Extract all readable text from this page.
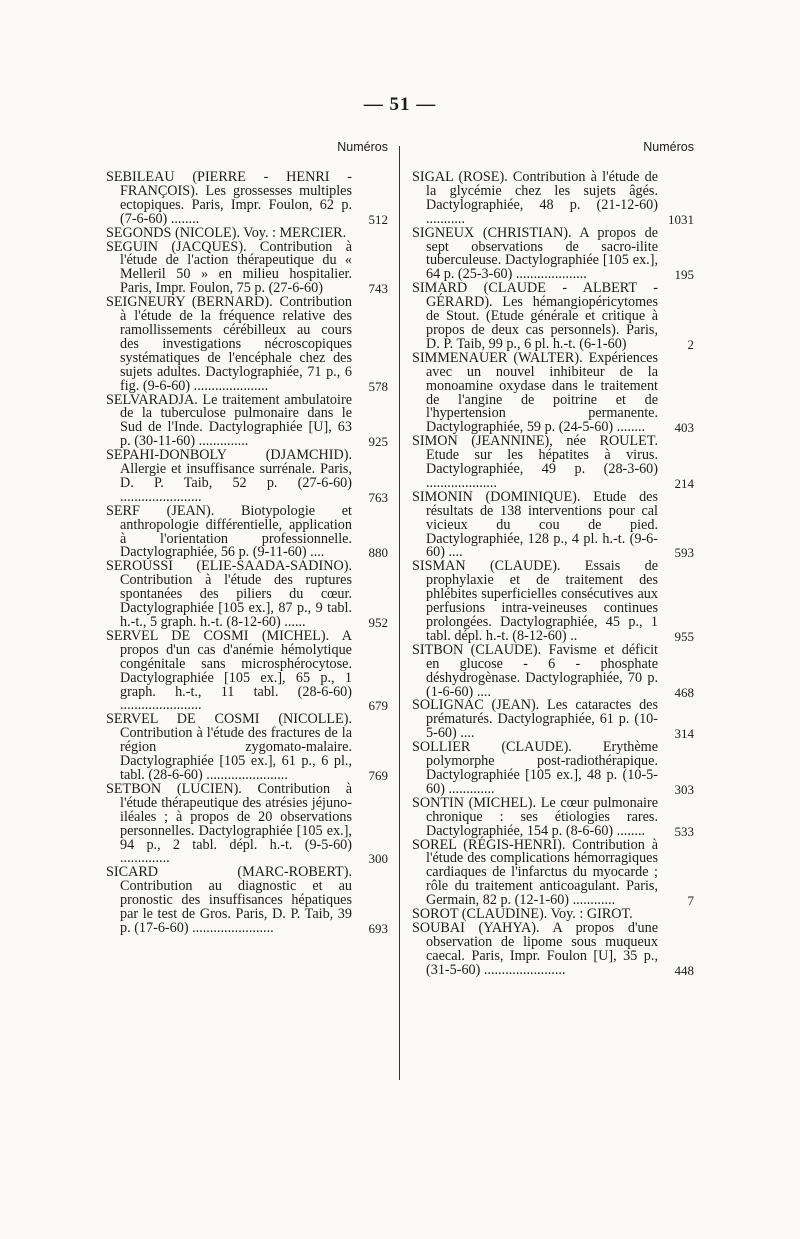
— 51 —
Numéros

SEBILEAU (PIERRE - HENRI - FRANÇOIS). Les grossesses multiples ectopiques. Paris, Impr. Foulon, 62 p. (7-6-60) ........	512

SEGONDS (NICOLE). Voy. : MERCIER.

SEGUIN (JACQUES). Contribution à l'étude de l'action thérapeutique du « Melleril 50 » en milieu hospitalier. Paris, Impr. Foulon, 75 p. (27-6-60)	743

SEIGNEURY (BERNARD). Contribution à l'étude de la fréquence relative des ramollissements cérébilleux au cours des investigations nécroscopiques systématiques de l'encéphale chez des sujets adultes. Dactylographiée, 71 p., 6 fig. (9-6-60) .....................	578

SELVARADJA. Le traitement ambulatoire de la tuberculose pulmonaire dans le Sud de l'Inde. Dactylographiée [U], 63 p. (30-11-60) ..............	925

SEPAHI-DONBOLY (DJAMCHID). Allergie et insuffisance surrénale. Paris, D. P. Taib, 52 p. (27-6-60) .......................	763

SERF (JEAN). Biotypologie et anthropologie différentielle, application à l'orientation professionnelle. Dactylographiée, 56 p. (9-11-60) ....	880

SEROUSSI (ELIE-SAADA-SADINO). Contribution à l'étude des ruptures spontanées des piliers du cœur. Dactylographiée [105 ex.], 87 p., 9 tabl. h.-t., 5 graph. h.-t. (8-12-60) ......	952

SERVEL DE COSMI (MICHEL). A propos d'un cas d'anémie hémolytique congénitale sans microsphérocytose. Dactylographiée [105 ex.], 65 p., 1 graph. h.-t., 11 tabl. (28-6-60) .......................	679

SERVEL DE COSMI (NICOLLE). Contribution à l'étude des fractures de la région zygomato-malaire. Dactylographiée [105 ex.], 61 p., 6 pl., tabl. (28-6-60) .......................	769

SETBON (LUCIEN). Contribution à l'étude thérapeutique des atrésies jéjuno-iléales ; à propos de 20 observations personnelles. Dactylographiée [105 ex.], 94 p., 2 tabl. dépl. h.-t. (9-5-60) ..............	300

SICARD (MARC-ROBERT). Contribution au diagnostic et au pronostic des insuffisances hépatiques par le test de Gros. Paris, D. P. Taib, 39 p. (17-6-60) .......................	693

Numéros

SIGAL (ROSE). Contribution à l'étude de la glycémie chez les sujets âgés. Dactylographiée, 48 p. (21-12-60) ...........	1031

SIGNEUX (CHRISTIAN). A propos de sept observations de sacro-ilite tuberculeuse. Dactylographiée [105 ex.], 64 p. (25-3-60) ....................	195

SIMARD (CLAUDE - ALBERT - GÉRARD). Les hémangiopéricytomes de Stout. (Etude générale et critique à propos de deux cas personnels). Paris, D. P. Taib, 99 p., 6 pl. h.-t. (6-1-60)	2

SIMMENAUER (WALTER). Expériences avec un nouvel inhibiteur de la monoamine oxydase dans le traitement de l'angine de poitrine et de l'hypertension permanente. Dactylographiée, 59 p. (24-5-60) ........	403

SIMON (JEANNINE), née ROULET. Etude sur les hépatites à virus. Dactylographiée, 49 p. (28-3-60) ....................	214

SIMONIN (DOMINIQUE). Etude des résultats de 138 interventions pour cal vicieux du cou de pied. Dactylographiée, 128 p., 4 pl. h.-t. (9-6-60) ....	593

SISMAN (CLAUDE). Essais de prophylaxie et de traitement des phlébites superficielles consécutives aux perfusions intra-veineuses continues prolongées. Dactylographiée, 45 p., 1 tabl. dépl. h.-t. (8-12-60) ..	955

SITBON (CLAUDE). Favisme et déficit en glucose - 6 - phosphate déshydrogènase. Dactylographiée, 70 p. (1-6-60) ....	468

SOLIGNAC (JEAN). Les cataractes des prématurés. Dactylographiée, 61 p. (10-5-60) ....	314

SOLLIER (CLAUDE). Erythème polymorphe post-radiothérapique. Dactylographiée [105 ex.], 48 p. (10-5-60) .............	303

SONTIN (MICHEL). Le cœur pulmonaire chronique : ses étiologies rares. Dactylographiée, 154 p. (8-6-60) ........	533

SOREL (RÉGIS-HENRI). Contribution à l'étude des complications hémorragiques cardiaques de l'infarctus du myocarde ; rôle du traitement anticoagulant. Paris, Germain, 82 p. (12-1-60) ............	7

SOROT (CLAUDINE). Voy. : GIROT.

SOUBAI (YAHYA). A propos d'une observation de lipome sous muqueux caecal. Paris, Impr. Foulon [U], 35 p., (31-5-60) .......................	448
